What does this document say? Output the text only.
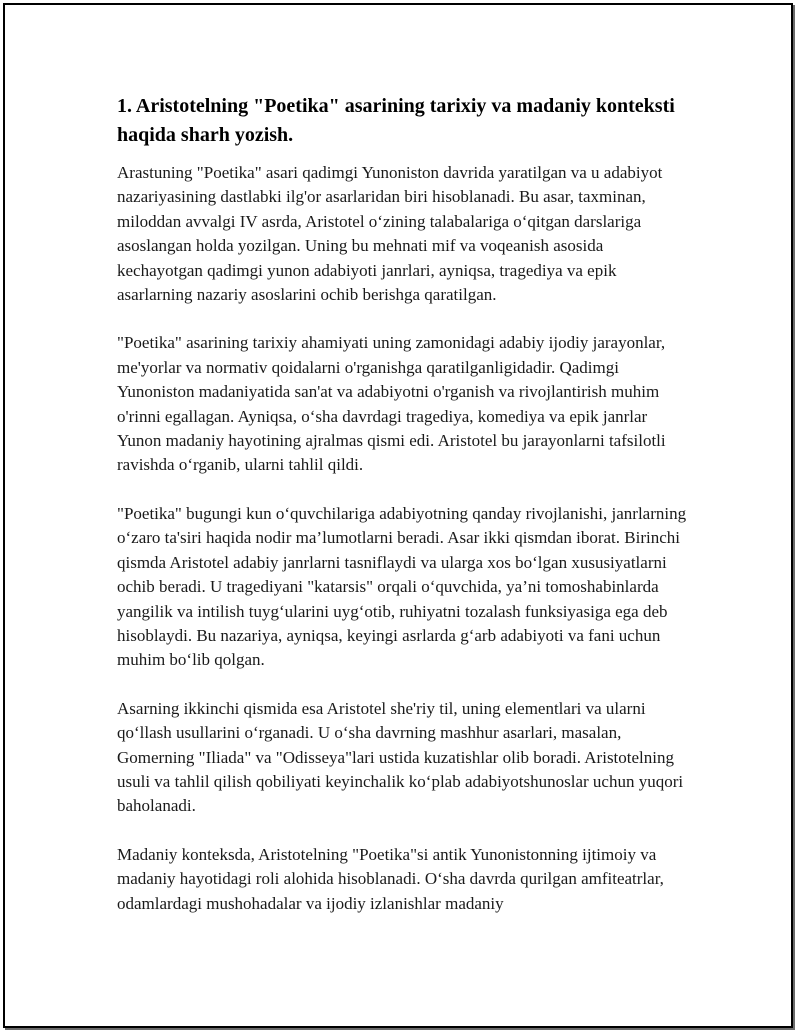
1. Aristotelning "Poetika" asarining tarixiy va madaniy konteksti haqida sharh yozish.

Arastuning "Poetika" asari qadimgi Yunoniston davrida yaratilgan va u adabiyot nazariyasining dastlabki ilg'or asarlaridan biri hisoblanadi. Bu asar, taxminan, miloddan avvalgi IV asrda, Aristotel o‘zining talabalariga o‘qitgan darslariga asoslangan holda yozilgan. Uning bu mehnati mif va voqeanish asosida kechayotgan qadimgi yunon adabiyoti janrlari, ayniqsa, tragediya va epik asarlarning nazariy asoslarini ochib berishga qaratilgan.

"Poetika" asarining tarixiy ahamiyati uning zamonidagi adabiy ijodiy jarayonlar, me'yorlar va normativ qoidalarni o'rganishga qaratilganligidadir. Qadimgi Yunoniston madaniyatida san'at va adabiyotni o'rganish va rivojlantirish muhim o'rinni egallagan. Ayniqsa, o‘sha davrdagi tragediya, komediya va epik janrlar Yunon madaniy hayotining ajralmas qismi edi. Aristotel bu jarayonlarni tafsilotli ravishda o‘rganib, ularni tahlil qildi.

"Poetika" bugungi kun o‘quvchilariga adabiyotning qanday rivojlanishi, janrlarning o‘zaro ta'siri haqida nodir ma’lumotlarni beradi. Asar ikki qismdan iborat. Birinchi qismda Aristotel adabiy janrlarni tasniflaydi va ularga xos bo‘lgan xususiyatlarni ochib beradi. U tragediyani "katarsis" orqali o‘quvchida, ya’ni tomoshabinlarda yangilik va intilish tuyg‘ularini uyg‘otib, ruhiyatni tozalash funksiyasiga ega deb hisoblaydi. Bu nazariya, ayniqsa, keyingi asrlarda g‘arb adabiyoti va fani uchun muhim bo‘lib qolgan.

Asarning ikkinchi qismida esa Aristotel she'riy til, uning elementlari va ularni qo‘llash usullarini o‘rganadi. U o‘sha davrning mashhur asarlari, masalan, Gomerning "Iliada" va "Odisseya"lari ustida kuzatishlar olib boradi. Aristotelning usuli va tahlil qilish qobiliyati keyinchalik ko‘plab adabiyotshunoslar uchun yuqori baholanadi.

Madaniy konteksda, Aristotelning "Poetika"si antik Yunonistonning ijtimoiy va madaniy hayotidagi roli alohida hisoblanadi. O‘sha davrda qurilgan amfiteatrlar, odamlardagi mushohadalar va ijodiy izlanishlar madaniy
